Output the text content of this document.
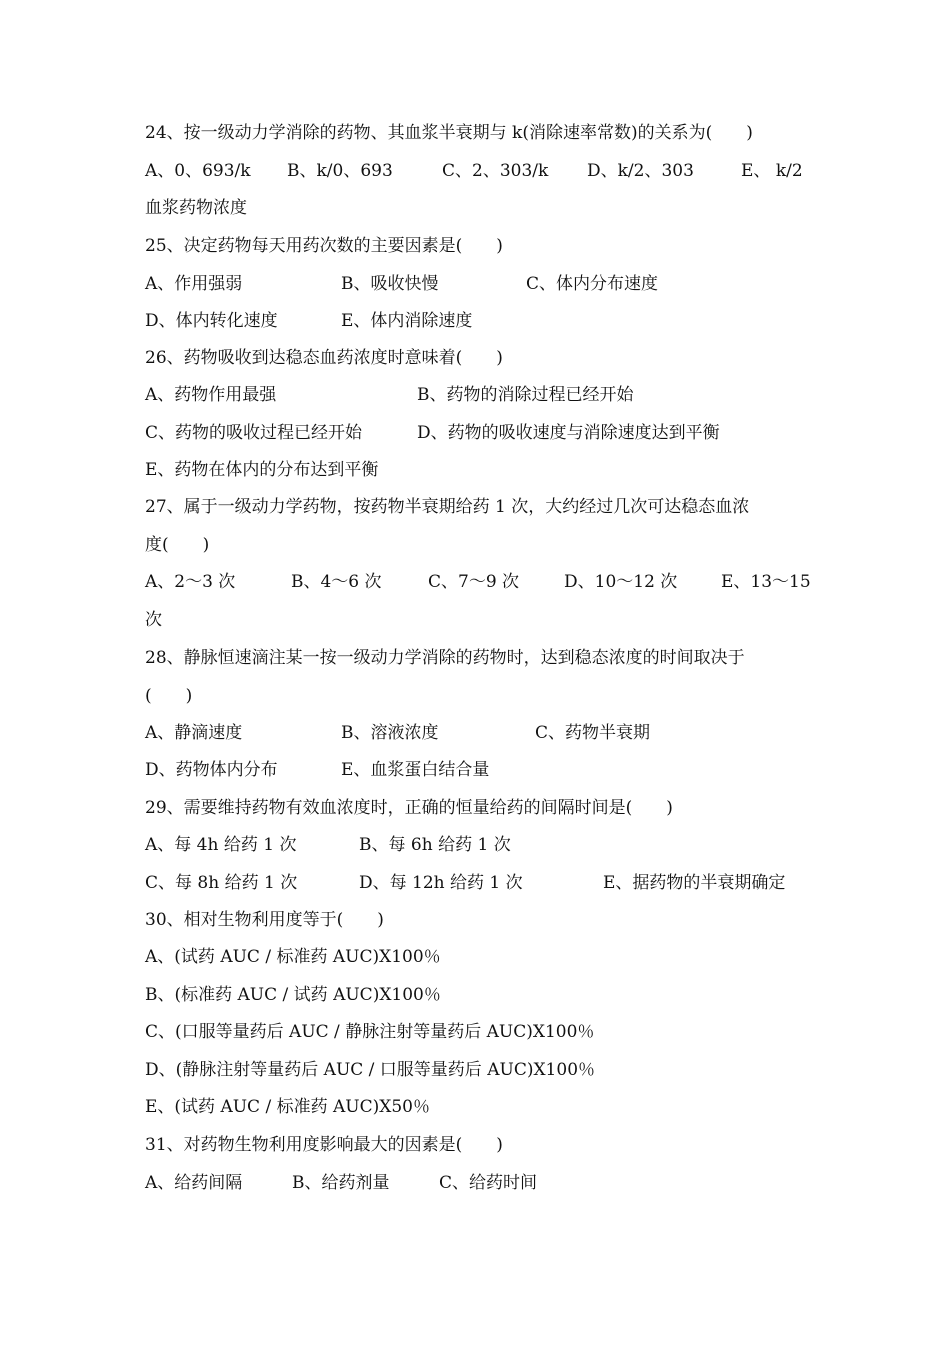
24、按一级动力学消除的药物、其血浆半衰期与 k(消除速率常数)的关系为(　　)
A、0、693/k B、k/0、693	C、2、303/k D、k/2、303	E、 k/2
血浆药物浓度
25、决定药物每天用药次数的主要因素是(　　)
A、作用强弱	B、吸收快慢	C、体内分布速度
D、体内转化速度	E、体内消除速度
26、药物吸收到达稳态血药浓度时意味着(　　)
A、药物作用最强	B、药物的消除过程已经开始
C、药物的吸收过程已经开始	D、药物的吸收速度与消除速度达到平衡
E、药物在体内的分布达到平衡
27、属于一级动力学药物，按药物半衰期给药 1 次，大约经过几次可达稳态血浓
度(　　)
A、2～3 次	B、4～6 次	C、7～9 次	D、10～12 次	E、13～15
次
28、静脉恒速滴注某一按一级动力学消除的药物时，达到稳态浓度的时间取决于
(　　)
A、静滴速度	B、溶液浓度	C、药物半衰期
D、药物体内分布	E、血浆蛋白结合量
29、需要维持药物有效血浓度时，正确的恒量给药的间隔时间是(　　)
A、每 4h 给药 1 次	B、每 6h 给药 1 次
C、每 8h 给药 1 次	D、每 12h 给药 1 次	E、据药物的半衰期确定
30、相对生物利用度等于(　　)
A、(试药 AUC / 标准药 AUC)X100％
B、(标准药 AUC / 试药 AUC)X100％
C、(口服等量药后 AUC / 静脉注射等量药后 AUC)X100％
D、(静脉注射等量药后 AUC / 口服等量药后 AUC)X100％
E、(试药 AUC / 标准药 AUC)X50％
31、对药物生物利用度影响最大的因素是(　　)
A、给药间隔	B、给药剂量	C、给药时间
